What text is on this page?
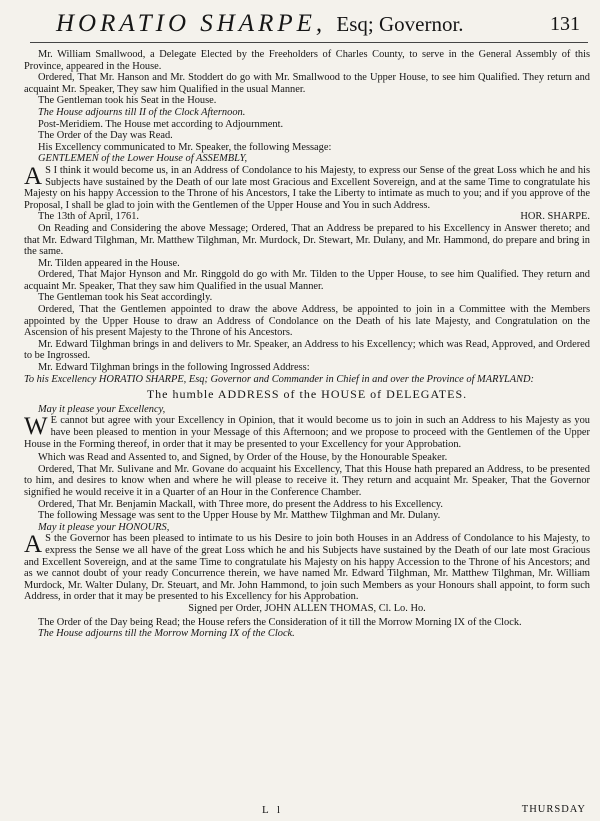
HORATIO SHARPE, Esq; Governor.	131

Mr. William Smallwood, a Delegate Elected by the Freeholders of Charles County, to serve in the General Assembly of this Province, appeared in the House.

Ordered, That Mr. Hanson and Mr. Stoddert do go with Mr. Smallwood to the Upper House, to see him Qualified. They return and acquaint Mr. Speaker, They saw him Qualified in the usual Manner.

The Gentleman took his Seat in the House.

The House adjourns till II of the Clock Afternoon.

Post-Meridiem. The House met according to Adjournment.

The Order of the Day was Read.

His Excellency communicated to Mr. Speaker, the following Message:

GENTLEMEN of the Lower House of ASSEMBLY,

A S I think it would become us, in an Address of Condolance to his Majesty, to express our Sense of the great Loss which he and his Subjects have sustained by the Death of our late most Gracious and Excellent Sovereign, and at the same Time to congratulate his Majesty on his happy Accession to the Throne of his Ancestors, I take the Liberty to intimate as much to you; and if you approve of the Proposal, I shall be glad to join with the Gentlemen of the Upper House and You in such Address.

The 13th of April, 1761.	HOR. SHARPE.

On Reading and Considering the above Message; Ordered, That an Address be prepared to his Excellency in Answer thereto; and that Mr. Edward Tilghman, Mr. Matthew Tilghman, Mr. Murdock, Dr. Stewart, Mr. Dulany, and Mr. Hammond, do prepare and bring in the same.

Mr. Tilden appeared in the House.

Ordered, That Major Hynson and Mr. Ringgold do go with Mr. Tilden to the Upper House, to see him Qualified. They return and acquaint Mr. Speaker, That they saw him Qualified in the usual Manner.

The Gentleman took his Seat accordingly.

Ordered, That the Gentlemen appointed to draw the above Address, be appointed to join in a Committee with the Members appointed by the Upper House to draw an Address of Condolance on the Death of his late Majesty, and Congratulation on the Ascension of his present Majesty to the Throne of his Ancestors.

Mr. Edward Tilghman brings in and delivers to Mr. Speaker, an Address to his Excellency; which was Read, Approved, and Ordered to be Ingrossed.

Mr. Edward Tilghman brings in the following Ingrossed Address:

To his Excellency HORATIO SHARPE, Esq; Governor and Commander in Chief in and over the Province of MARYLAND:

The humble ADDRESS of the HOUSE of DELEGATES.

May it please your Excellency,

W E cannot but agree with your Excellency in Opinion, that it would become us to join in such an Address to his Majesty as you have been pleased to mention in your Message of this Afternoon; and we propose to proceed with the Gentlemen of the Upper House in the Forming thereof, in order that it may be presented to your Excellency for your Approbation.

Which was Read and Assented to, and Signed, by Order of the House, by the Honourable Speaker.

Ordered, That Mr. Sulivane and Mr. Govane do acquaint his Excellency, That this House hath prepared an Address, to be presented to him, and desires to know when and where he will please to receive it. They return and acquaint Mr. Speaker, That the Governor signified he would receive it in a Quarter of an Hour in the Conference Chamber.

Ordered, That Mr. Benjamin Mackall, with Three more, do present the Address to his Excellency.

The following Message was sent to the Upper House by Mr. Matthew Tilghman and Mr. Dulany.

May it please your HONOURS,

A S the Governor has been pleased to intimate to us his Desire to join both Houses in an Address of Condolance to his Majesty, to express the Sense we all have of the great Loss which he and his Subjects have sustained by the Death of our late most Gracious and Excellent Sovereign, and at the same Time to congratulate his Majesty on his happy Accession to the Throne of his Ancestors; and as we cannot doubt of your ready Concurrence therein, we have named Mr. Edward Tilghman, Mr. Matthew Tilghman, Mr. William Murdock, Mr. Walter Dulany, Dr. Steuart, and Mr. John Hammond, to join such Members as your Honours shall appoint, to form such Address, in order that it may be presented to his Excellency for his Approbation.

Signed per Order, JOHN ALLEN THOMAS, Cl. Lo. Ho.

The Order of the Day being Read; the House refers the Consideration of it till the Morrow Morning IX of the Clock.

The House adjourns till the Morrow Morning IX of the Clock.

L l	THURSDAY
